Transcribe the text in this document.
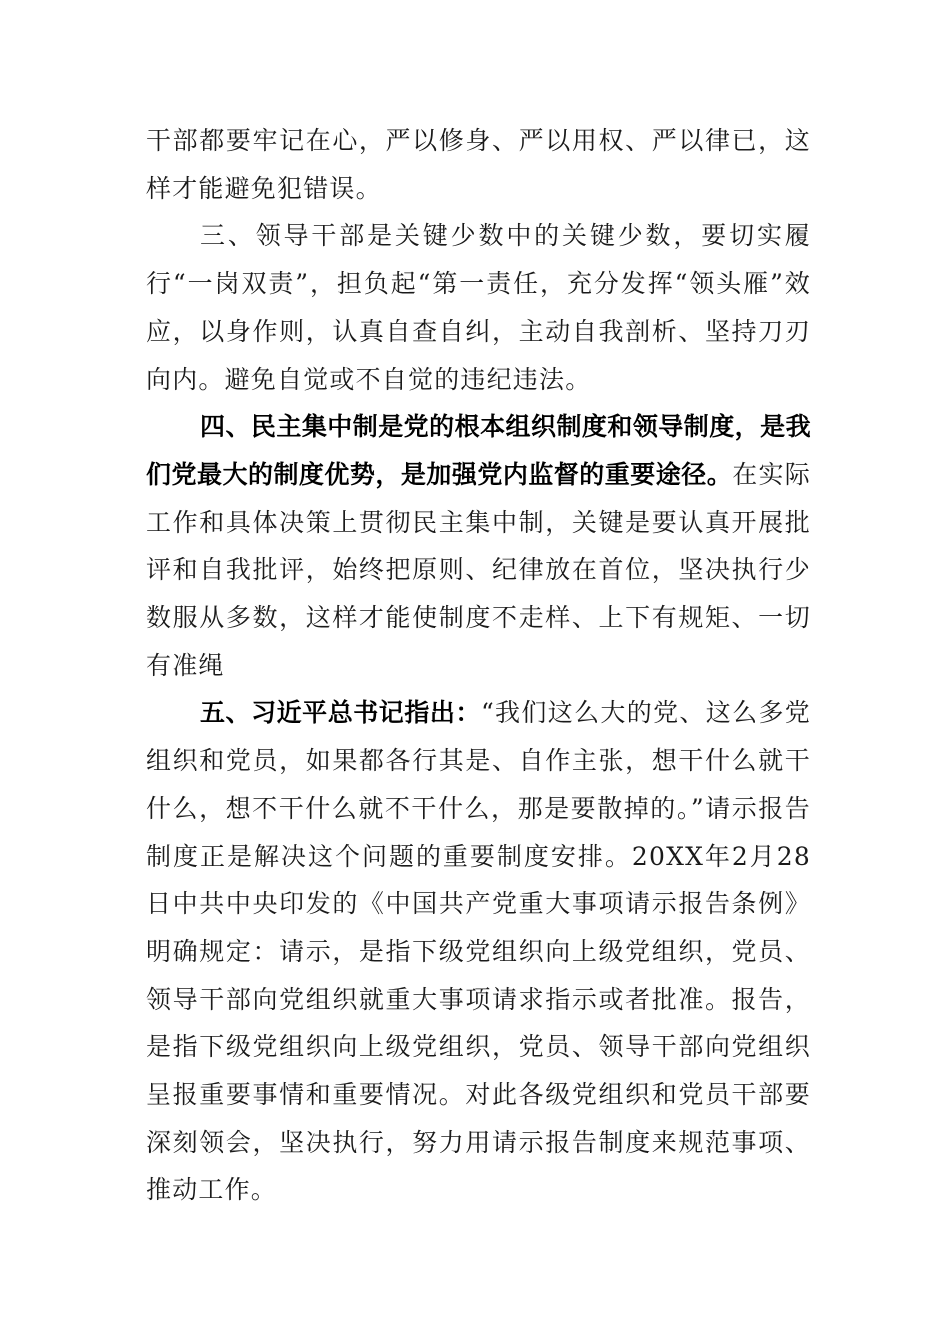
干部都要牢记在心，严以修身、严以用权、严以律已，这样才能避免犯错误。

三、领导干部是关键少数中的关键少数，要切实履行“一岗双责”，担负起“第一责任，充分发挥“领头雁”效应，以身作则，认真自查自纠，主动自我剖析、坚持刀刃向内。避免自觉或不自觉的违纪违法。

四、民主集中制是党的根本组织制度和领导制度，是我们党最大的制度优势，是加强党内监督的重要途径。在实际工作和具体决策上贯彻民主集中制，关键是要认真开展批评和自我批评，始终把原则、纪律放在首位，坚决执行少数服从多数，这样才能使制度不走样、上下有规矩、一切有准绳

五、习近平总书记指出：“我们这么大的党、这么多党组织和党员，如果都各行其是、自作主张，想干什么就干什么，想不干什么就不干什么，那是要散掉的。”请示报告制度正是解决这个问题的重要制度安排。20XX年2月28日中共中央印发的《中国共产党重大事项请示报告条例》明确规定：请示，是指下级党组织向上级党组织，党员、领导干部向党组织就重大事项请求指示或者批准。报告，是指下级党组织向上级党组织，党员、领导干部向党组织呈报重要事情和重要情况。对此各级党组织和党员干部要深刻领会，坚决执行，努力用请示报告制度来规范事项、推动工作。
